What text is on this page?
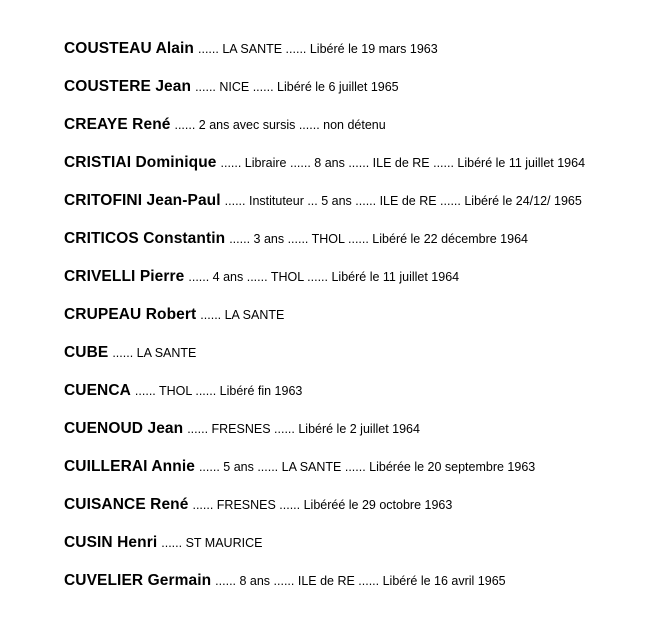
COUSTEAU Alain ...... LA SANTE ...... Libéré le 19 mars 1963
COUSTERE Jean ...... NICE ...... Libéré le 6 juillet 1965
CREAYE René ...... 2 ans avec sursis ...... non détenu
CRISTIAI Dominique ...... Libraire ...... 8 ans ...... ILE de RE ...... Libéré le 11 juillet 1964
CRITOFINI Jean-Paul ...... Instituteur ... 5 ans ...... ILE de RE ...... Libéré le 24/12/ 1965
CRITICOS Constantin ...... 3 ans ...... THOL ...... Libéré le 22 décembre 1964
CRIVELLI Pierre ...... 4 ans ...... THOL ...... Libéré le 11 juillet 1964
CRUPEAU Robert ...... LA SANTE
CUBE ...... LA SANTE
CUENCA ...... THOL ...... Libéré fin 1963
CUENOUD Jean ...... FRESNES ...... Libéré le 2 juillet 1964
CUILLERAI Annie ...... 5 ans ...... LA SANTE ...... Libérée le 20 septembre 1963
CUISANCE René ...... FRESNES ...... Libéréé le 29 octobre 1963
CUSIN Henri ...... ST MAURICE
CUVELIER Germain ...... 8 ans ...... ILE de RE ...... Libéré le 16 avril 1965
